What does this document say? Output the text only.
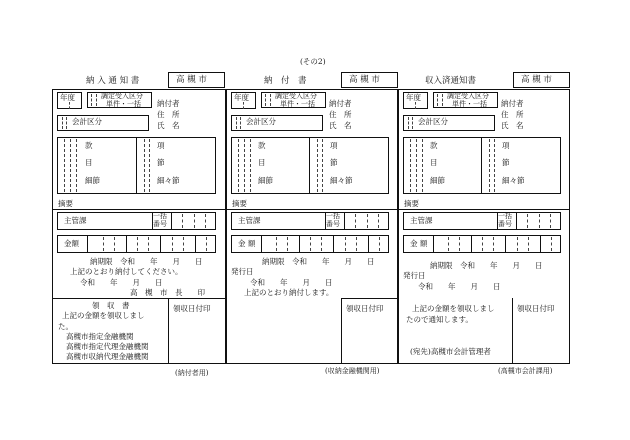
(その2)
納 入 通 知 書	高 槻 市
年度	調定受入区分
単件・一括 納付者
住　所
氏　名
会計区分
款	項
目	節
細節	細々節
摘要
主管課	一括
番号
金額
納期限　令和　　年　　月　　日
上記のとおり納付してください。
令和　　年　　月　　日
高　槻　市　長　　印
領　収　書
上記の金額を領収しまし
た。
高槻市指定金融機関
高槻市指定代理金融機関
高槻市収納代理金融機関
領収日付印
(納付者用)
納　付　書	高 槻 市
年度	調定受入区分
単件・一括 納付者
住　所
氏　名
会計区分
款	項
目	節
細節	細々節
摘要
主管課	一括
番号
金 額
納期限　令和　　年　　月　　日
発行日
令和　　年　　月　　日
上記のとおり納付します。
領収日付印
(収納金融機関用)
収入済通知書	高 槻 市
年度	調定受入区分
単件・一括 納付者
住　所
氏　名
会計区分
款	項
目	節
細節	細々節
摘要
主管課	一括
番号
金 額
納期限　令和　　年　　月　　日
発行日
令和　　年　　月　　日
上記の金額を領収しまし
たので通知します。
(宛先)高槻市会計管理者
領収日付印
(高槻市会計課用)
